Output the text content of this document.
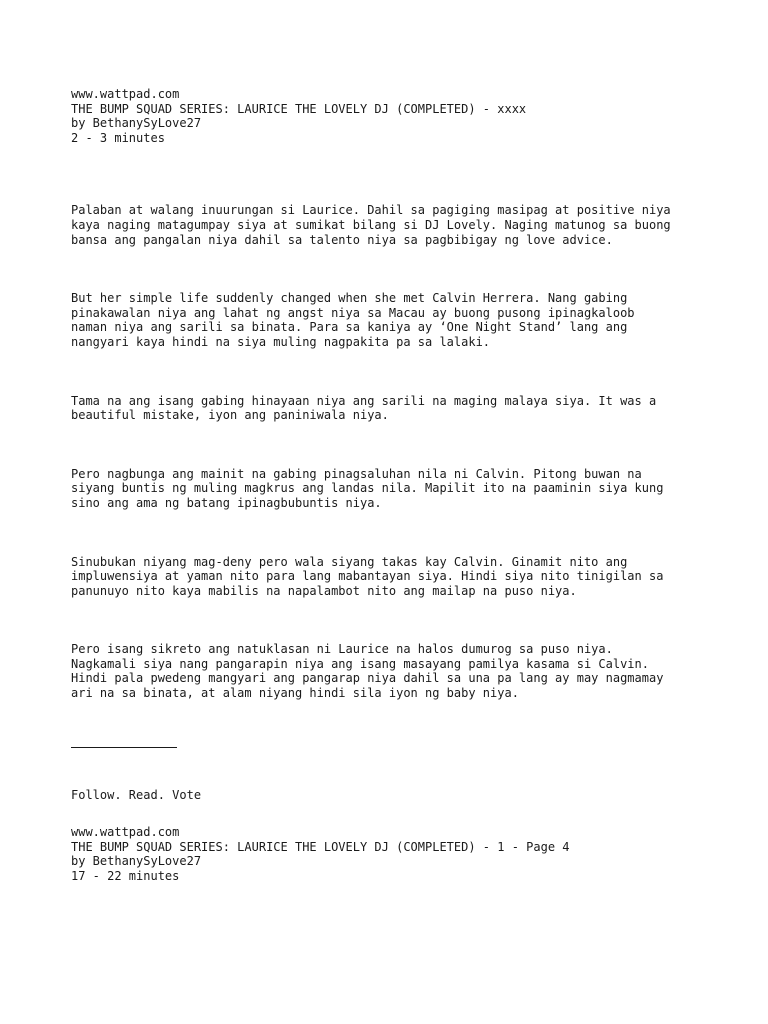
www.wattpad.com
THE BUMP SQUAD SERIES: LAURICE THE LOVELY DJ (COMPLETED) - xxxx
by BethanySyLove27
2 - 3 minutes
Palaban at walang inuurungan si Laurice. Dahil sa pagiging masipag at positive niya
kaya naging matagumpay siya at sumikat bilang si DJ Lovely. Naging matunog sa buong
bansa ang pangalan niya dahil sa talento niya sa pagbibigay ng love advice.
But her simple life suddenly changed when she met Calvin Herrera. Nang gabing
pinakawalan niya ang lahat ng angst niya sa Macau ay buong pusong ipinagkaloob
naman niya ang sarili sa binata. Para sa kaniya ay ‘One Night Stand’ lang ang
nangyari kaya hindi na siya muling nagpakita pa sa lalaki.
Tama na ang isang gabing hinayaan niya ang sarili na maging malaya siya. It was a
beautiful mistake, iyon ang paniniwala niya.
Pero nagbunga ang mainit na gabing pinagsaluhan nila ni Calvin. Pitong buwan na
siyang buntis ng muling magkrus ang landas nila. Mapilit ito na paaminin siya kung
sino ang ama ng batang ipinagbubuntis niya.
Sinubukan niyang mag-deny pero wala siyang takas kay Calvin. Ginamit nito ang
impluwensiya at yaman nito para lang mabantayan siya. Hindi siya nito tinigilan sa
panunuyo nito kaya mabilis na napalambot nito ang mailap na puso niya.
Pero isang sikreto ang natuklasan ni Laurice na halos dumurog sa puso niya.
Nagkamali siya nang pangarapin niya ang isang masayang pamilya kasama si Calvin.
Hindi pala pwedeng mangyari ang pangarap niya dahil sa una pa lang ay may nagmamay
ari na sa binata, at alam niyang hindi sila iyon ng baby niya.
Follow. Read. Vote
www.wattpad.com
THE BUMP SQUAD SERIES: LAURICE THE LOVELY DJ (COMPLETED) - 1 - Page 4
by BethanySyLove27
17 - 22 minutes
